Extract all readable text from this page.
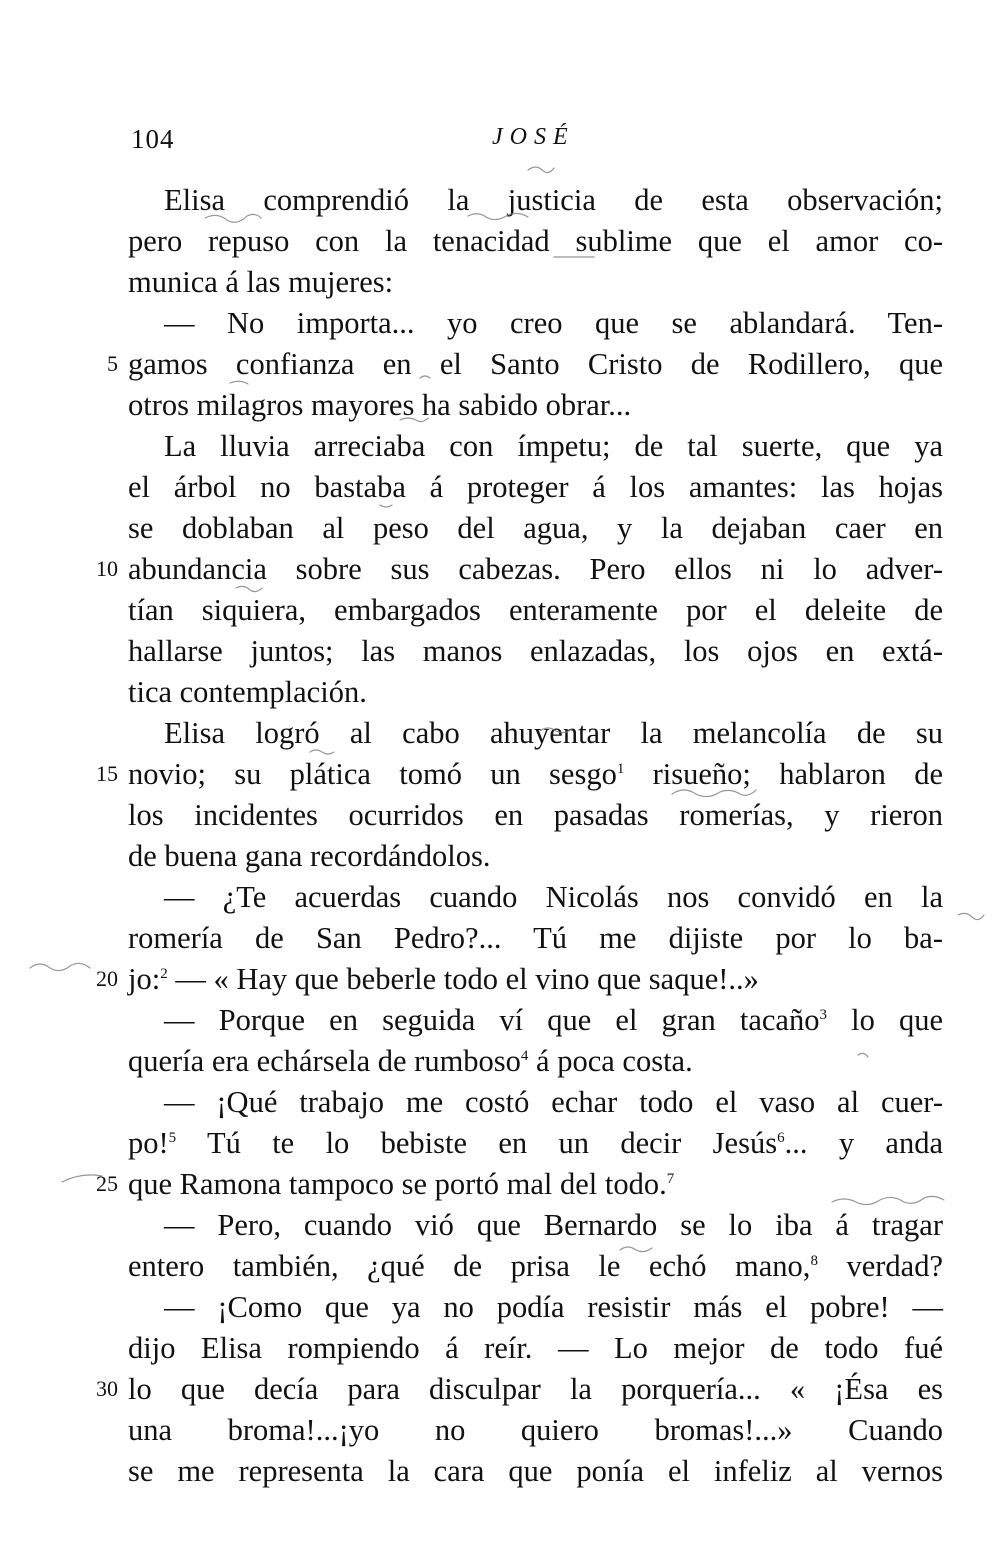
104	JOSÉ
Elisa comprendió la justicia de esta observación;
pero repuso con la tenacidad sublime que el amor co-
munica á las mujeres:
— No importa... yo creo que se ablandará. Ten-
gamos confianza en el Santo Cristo de Rodillero, que
otros milagros mayores ha sabido obrar...
La lluvia arreciaba con ímpetu; de tal suerte, que ya
el árbol no bastaba á proteger á los amantes: las hojas
se doblaban al peso del agua, y la dejaban caer en
abundancia sobre sus cabezas. Pero ellos ni lo adver-
tían siquiera, embargados enteramente por el deleite de
hallarse juntos; las manos enlazadas, los ojos en extá-
tica contemplación.
Elisa logró al cabo ahuyentar la melancolía de su
novio; su plática tomó un sesgo$^1$ risueño; hablaron de
los incidentes ocurridos en pasadas romerías, y rieron
de buena gana recordándolos.
— ¿Te acuerdas cuando Nicolás nos convidó en la
romería de San Pedro?... Tú me dijiste por lo ba-
jo:$^2$ — « Hay que beberle todo el vino que saque!..»
— Porque en seguida ví que el gran tacaño$^3$ lo que
quería era echársela de rumboso$^4$ á poca costa.
— ¡Qué trabajo me costó echar todo el vaso al cuer-
po!$^5$ Tú te lo bebiste en un decir Jesús$^6$... y anda
que Ramona tampoco se portó mal del todo.$^7$
— Pero, cuando vió que Bernardo se lo iba á tragar
entero también, ¿qué de prisa le echó mano,$^8$ verdad?
— ¡Como que ya no podía resistir más el pobre! —
dijo Elisa rompiendo á reír. — Lo mejor de todo fué
lo que decía para disculpar la porquería... « ¡Ésa es
una broma!...¡yo no quiero bromas!...» Cuando
se me representa la cara que ponía el infeliz al vernos
5
10
15
20
25
30
